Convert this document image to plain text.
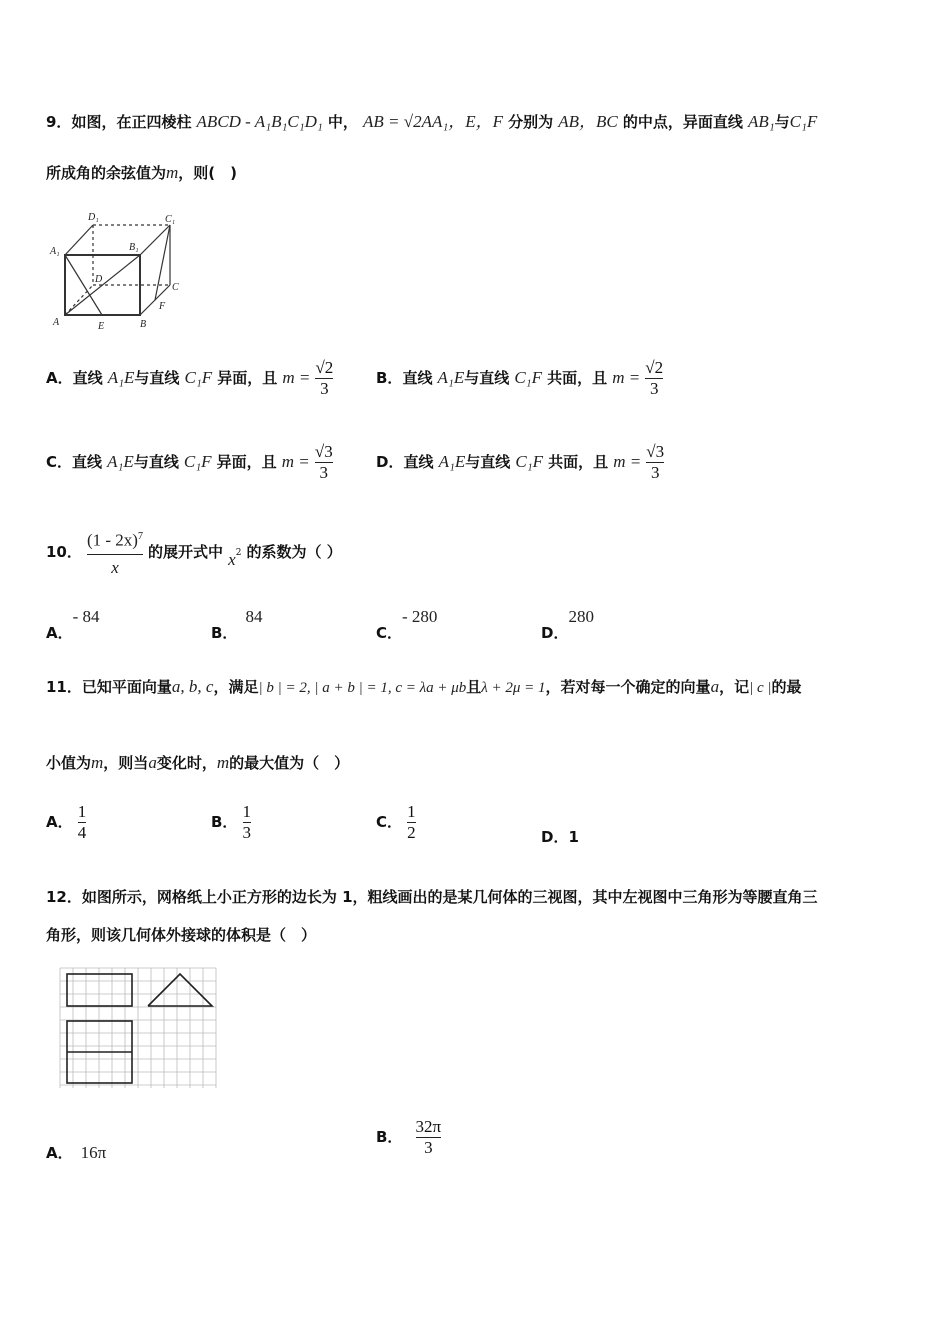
9．如图，在正四棱柱 ABCD - A₁B₁C₁D₁ 中， AB = √2AA₁，E，F 分别为 AB，BC 的中点，异面直线 AB₁与C₁F
所成角的余弦值为m，则(　)
D₁	C₁
A₁	B₁
D
C
A	E	B
F
A．直线 A₁E与直线 C₁F 异面，且 $m = \frac{√2}{3}$	B．直线 A₁E与直线 C₁F 共面，且 $m = \frac{√2}{3}$
C．直线 A₁E与直线 C₁F 异面，且 $m = \frac{√3}{3}$	D．直线 A₁E与直线 C₁F 共面，且 $m = \frac{√3}{3}$
10． $\frac{(1 - 2x)^7}{x}$ 的展开式中 $x^2$ 的系数为（ ）
A．- 84
B．84
C．- 280
D．280
11．已知平面向量a, b, c，满足| b | = 2, | a + b | = 1, c = λa + μb且λ + 2μ = 1，若对每一个确定的向量a，记| c |的最
小值为m，则当a变化时，m的最大值为（　）
A． $\frac{1}{4}$	B． $\frac{1}{3}$	C． $\frac{1}{2}$	D．1
12．如图所示，网格纸上小正方形的边长为 1，粗线画出的是某几何体的三视图，其中左视图中三角形为等腰直角三
角形，则该几何体外接球的体积是（　）
A． 16π
B． $\frac{32\pi}{3}$
